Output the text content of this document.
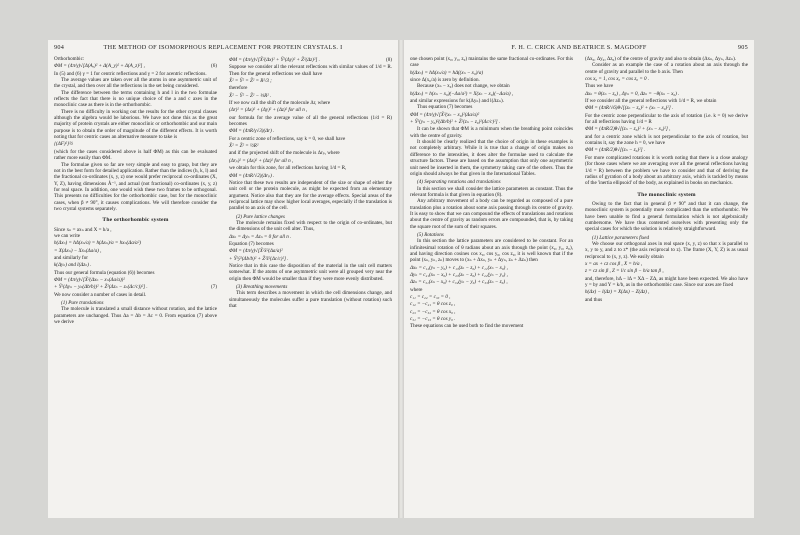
904	THE METHOD OF ISOMORPHOUS REPLACEMENT FOR PROTEIN CRYSTALS. I

Orthorhombic:

(6)
ΦM = (4π/γ)√[Δ(Aₓ)² + Δ(A_y)² + Δ(A_z)²] ,

In (5) and (6) γ = 1 for centric reflections and γ = 2 for acentric reflections.

The average values are taken over all the atoms in one asymmetric unit of the crystal, and then over all the reflections in the set being considered.

The difference between the terms containing h and l in the two formulae reflects the fact that there is no unique choice of the a and c axes in the monoclinic case as there is in the orthorhombic.

There is no difficulty in working out the results for the other crystal classes although the algebra would be laborious. We have not done this as the great majority of protein crystals are either monoclinic or orthorhombic and our main purpose is to obtain the order of magnitude of the different effects. It is worth noting that for centric cases an alternative measure to take is

{(ΔF)²}½

(which for the cases considered above is half ΦM) as this can be evaluated rather more easily than ΦM.

The formulae given so far are very simple and easy to grasp, but they are not in the best form for detailed application. Rather than the indices (h, k, l) and the fractional co-ordinates (x, y, z) one would prefer reciprocal co-ordinates (X, Y, Z), having dimensions Å⁻¹, and actual (not fractional) co-ordinates (x, y, z) for real space. In addition, one would wish these two frames to be orthogonal. This presents no difficulties for the orthorhombic case, but for the monoclinic cases, when β ≠ 90°, it causes complications. We will therefore consider the two crystal systems separately.

The orthorhombic system

Since xₙ = axₙ and X = h/a ,

we can write

h(Δxₙ) = hΔ(xₙ/a) = h(Δxₙ)/a = hxₙ(Δa/a²)
= X(Δxₙ) − Xxₙ(Δa/a) ,

and similarly for

k(Δyₙ) and l(Δzₙ) .

Thus our general formula (equation (6)) becomes

ΦM = (4π/γ)√[X̄²(Δxₙ − xₙ(Δa/a))²
(7)
+ Ȳ²(Δyₙ − yₙ(Δb/b))² + Z̄²(Δzₙ − zₙ(Δc/c))²] .

We now consider a number of cases in detail.

(1) Pure translations

The molecule is translated a small distance without rotation, and the lattice parameters are unchanged. Thus Δa = Δb = Δc = 0. From equation (7) above we derive

(8)
ΦM = (4π/γ)√[X̄²(Δx)² + Ȳ²(Δy)² + Z̄²(Δz)²] .

Suppose we consider all the relevant reflections with similar values of 1/d = R. Then for the general reflections we shall have

X̄² = Ȳ² = Z̄² = R²/3 ;

therefore

X̄² − Ȳ² − Z̄² − ⅓R² .

If we now call the shift of the molecule Δr, where

(Δr)² = (Δx)² + (Δy)² + (Δz)² for all n ,

our formula for the average value of all the general reflections (1/d = R) becomes

ΦM = (4πR/γ√3)(Δr) .

For a centric zone of reflections, say k = 0, we shall have

X̄² = Z̄² = ½R²

and if the projected shift of the molecule is Δrₚ, where

(Δrₚ)² = (Δx)² + (Δz)² for all n ,

we obtain for this zone, for all reflections having 1/d = R,

ΦM = (4πR/√2)(Δrₚ) .

Notice that these two results are independent of the size or shape of either the unit cell or the protein molecule, as might be expected from an elementary argument. Notice also that they are for the average effects. Special areas of the reciprocal lattice may show higher local averages, especially if the translation is parallel to an axis of the cell.

(2) Pure lattice changes

The molecule remains fixed with respect to the origin of co-ordinates, but the dimensions of the unit cell alter. Thus,

Δxₙ = Δyₙ = Δzₙ = 0 for all n .

Equation (7) becomes

ΦM = (4π/γ)√[X̄²x̄²(Δa/a)²
+ Ȳ²ȳ²(Δb/b)² + Z̄²z̄²(Δc/c)²] .

Notice that in this case the disposition of the material in the unit cell matters somewhat. If the atoms of one asymmetric unit were all grouped very near the origin then ΦM would be smaller than if they were more evenly distributed.

(3) Breathing movements

This term describes a movement in which the cell dimensions change, and simultaneously the molecules suffer a pure translation (without rotation) such that

F. H. C. CRICK AND BEATRICE S. MAGDOFF	905

one chosen point (x₀, y₀, z₀) maintains the same fractional co-ordinates. For this case

h(Δxₙ) = hΔ(xₙ/a) = hΔ((xₙ − x₀)/a)

since Δ(x₀/a) is zero by definition.

Because (xₙ − x₀) does not change, we obtain

h(Δxₙ) = h(xₙ − x₀)(−Δa/a²) = X(xₙ − x₀)(−Δa/a) ,

and similar expressions for k(Δyₙ) and l(Δzₙ).

Thus equation (7) becomes

ΦM = (4π/γ)√[X̄²(xₙ − x₀)²(Δa/a)²
+ Ȳ²(yₙ − y₀)²(Δb/b)² + Z̄²(zₙ − z₀)²(Δc/c)²] .

It can be shown that ΦM is a minimum when the breathing point coincides with the centre of gravity.

It should be clearly realized that the choice of origin in these examples is not completely arbitrary. While it is true that a change of origin makes no difference to the intensities, it does alter the formulae used to calculate the structure factors. These are based on the assumption that only one asymmetric unit need be inserted in them, the symmetry taking care of the others. Thus the origin should always be that given in the International Tables.

(4) Separating rotations and translations

In this section we shall consider the lattice parameters as constant. Thus the relevant formula is that given in equation (8).

Any arbitrary movement of a body can be regarded as composed of a pure translation plus a rotation about some axis passing through its centre of gravity. It is easy to show that we can compound the effects of translations and rotations about the centre of gravity as random errors are compounded, that is, by taking the square root of the sum of their squares.

(5) Rotations

In this section the lattice parameters are considered to be constant. For an infinitesimal rotation of θ radians about an axis through the point (x₀, y₀, z₀), and having direction cosines cos x₀, cos y₀, cos z₀, it is well known that if the point (xₙ, yₙ, zₙ) moves to (xₙ + Δxₙ, yₙ + Δyₙ, zₙ + Δzₙ) then

Δxₙ = c₁₂(yₙ − y₀) + c₁₃(zₙ − z₀) + c₁₁(xₙ − x₀) ,
Δyₙ = c₂₁(xₙ − x₀) + c₂₃(zₙ − z₀) + c₂₂(yₙ − y₀) ,
Δzₙ = c₃₁(xₙ − x₀) + c₃₂(yₙ − y₀) + c₃₃(zₙ − z₀) ,

where

c₁₁ = c₂₂ = c₃₃ = 0 ,
c₁₂ = −c₂₁ = θ cos z₀ ,
c₂₃ = −c₃₂ = θ cos x₀ ,
c₃₁ = −c₁₃ = θ cos y₀ .

These equations can be used both to find the movement

(Δx₀, Δy₀, Δz₀) of the centre of gravity and also to obtain (Δxₙ, Δyₙ, Δzₙ).

Consider as an example the case of a rotation about an axis through the centre of gravity and parallel to the b axis. Then

cos x₀ = 1, cos x₀ = cos z₀ = 0 .

Thus we have

Δxₙ = θ(zₙ − z₀) , Δyₙ = 0, Δzₙ = −θ(xₙ − x₀) .

If we consider all the general reflections with 1/d = R, we obtain

ΦM = (4πR/√6)θ√[(zₙ − z₀)² + (xₙ − x₀)²] .

For the centric zone perpendicular to the axis of rotation (i.e. k = 0) we derive for all reflections having 1/d = R

ΦM = (4πR/2)θ√[(zₙ − z₀)² + (xₙ − x₀)²] ,

and for a centric zone which is not perpendicular to the axis of rotation, but contains it, say the zone h = 0, we have

ΦM = (4πR/2)θ√[(zₙ − z₀)²] .

For more complicated rotations it is worth noting that there is a close analogy (for those cases where we are averaging over all the general reflections having 1/d = R) between the problem we have to consider and that of deriving the radius of gyration of a body about an arbitrary axis, which is tackled by means of the 'inertia ellipsoid' of the body, as explained in books on mechanics.

The monoclinic system

Owing to the fact that in general β ≠ 90° and that it can change, the monoclinic system is potentially more complicated than the orthorhombic. We have been unable to find a general formulation which is not algebraically cumbersome. We have thus contented ourselves with presenting only the special cases for which the solution is relatively straightforward.

(1) Lattice parameters fixed

We choose our orthogonal axes in real space (x, y, z) so that x is parallel to x, y to y, and z to z* (the axis reciprocal to z). The frame (X, Y, Z) is as usual reciprocal to (x, y, z). We easily obtain

x = ax + cz cos β , X = h/a ,
z = cz sin β , Z = l/c sin β − h/a tan β ,

and, therefore, hΔ − lΔ = XΔ − ZΔ, as might have been expected. We also have y = by and Y = k/b, as in the orthorhombic case. Since our axes are fixed

h(Δx) − l(Δz) = X(Δx) − Z(Δz) ,

and thus
